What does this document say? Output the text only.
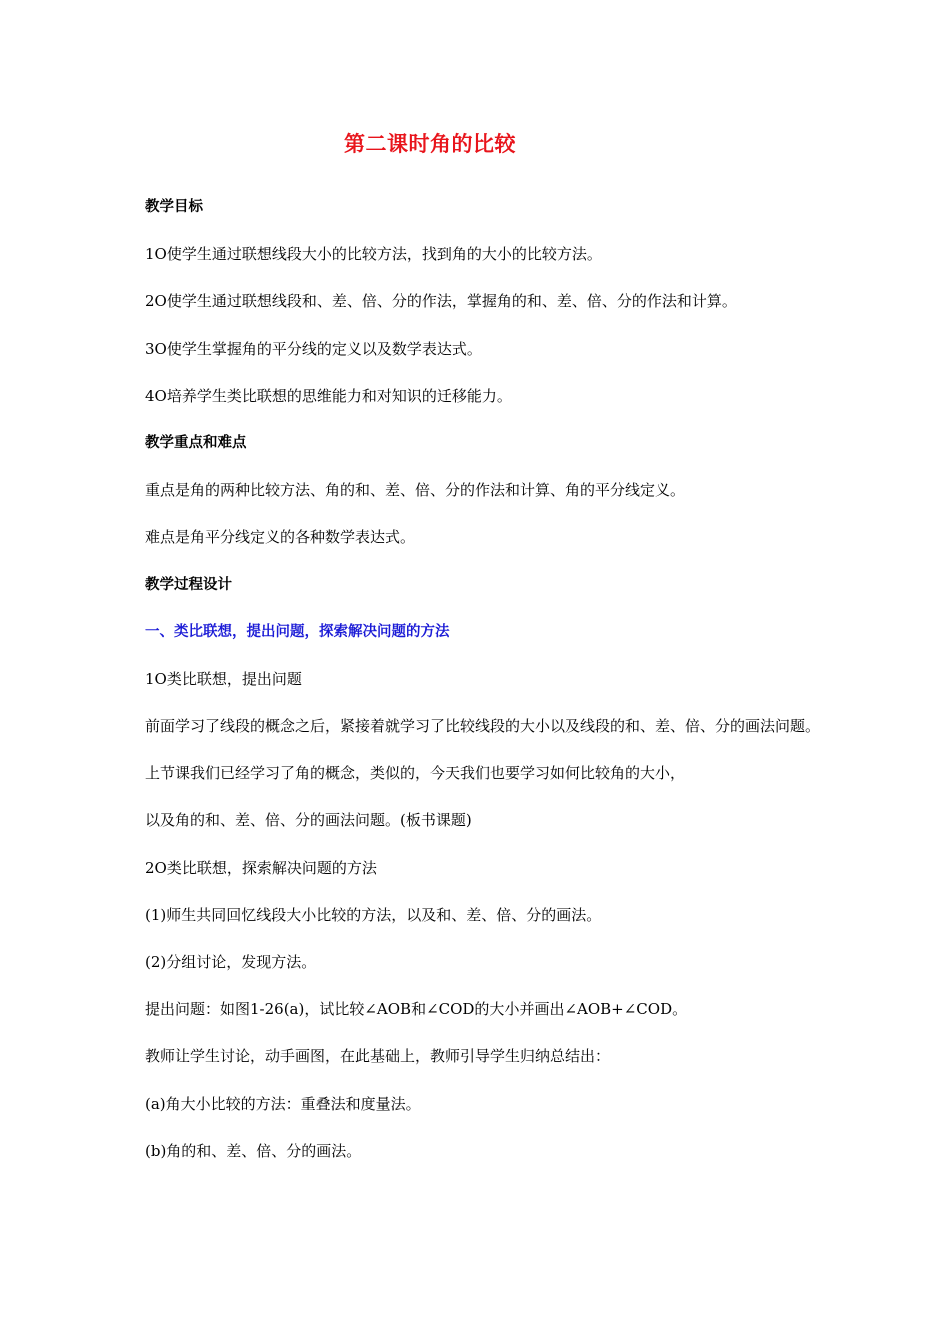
第二课时角的比较
教学目标
1O使学生通过联想线段大小的比较方法，找到角的大小的比较方法。
2O使学生通过联想线段和、差、倍、分的作法，掌握角的和、差、倍、分的作法和计算。
3O使学生掌握角的平分线的定义以及数学表达式。
4O培养学生类比联想的思维能力和对知识的迁移能力。
教学重点和难点
重点是角的两种比较方法、角的和、差、倍、分的作法和计算、角的平分线定义。
难点是角平分线定义的各种数学表达式。
教学过程设计
一、类比联想，提出问题，探索解决问题的方法
1O类比联想，提出问题
前面学习了线段的概念之后，紧接着就学习了比较线段的大小以及线段的和、差、倍、分的画法问题。
上节课我们已经学习了角的概念，类似的，今天我们也要学习如何比较角的大小，
以及角的和、差、倍、分的画法问题。(板书课题)
2O类比联想，探索解决问题的方法
(1)师生共同回忆线段大小比较的方法，以及和、差、倍、分的画法。
(2)分组讨论，发现方法。
提出问题：如图1-26(a)，试比较∠AOB和∠COD的大小并画出∠AOB+∠COD。
教师让学生讨论，动手画图，在此基础上，教师引导学生归纳总结出：
(a)角大小比较的方法：重叠法和度量法。
(b)角的和、差、倍、分的画法。
